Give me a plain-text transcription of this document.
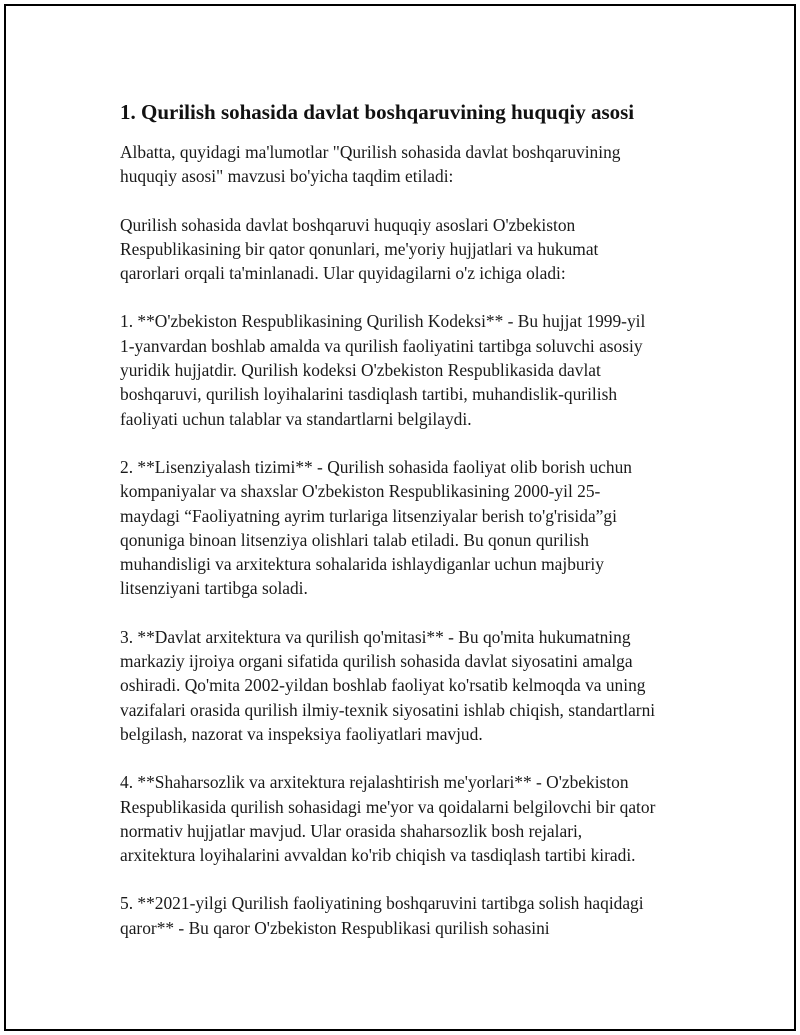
1. Qurilish sohasida davlat boshqaruvining huquqiy asosi

Albatta, quyidagi ma'lumotlar "Qurilish sohasida davlat boshqaruvining
huquqiy asosi" mavzusi bo'yicha taqdim etiladi:

Qurilish sohasida davlat boshqaruvi huquqiy asoslari O'zbekiston
Respublikasining bir qator qonunlari, me'yoriy hujjatlari va hukumat
qarorlari orqali ta'minlanadi. Ular quyidagilarni o'z ichiga oladi:

1. **O'zbekiston Respublikasining Qurilish Kodeksi** - Bu hujjat 1999-yil
1-yanvardan boshlab amalda va qurilish faoliyatini tartibga soluvchi asosiy
yuridik hujjatdir. Qurilish kodeksi O'zbekiston Respublikasida davlat
boshqaruvi, qurilish loyihalarini tasdiqlash tartibi, muhandislik-qurilish
faoliyati uchun talablar va standartlarni belgilaydi.

2. **Lisenziyalash tizimi** - Qurilish sohasida faoliyat olib borish uchun
kompaniyalar va shaxslar O'zbekiston Respublikasining 2000-yil 25-
maydagi “Faoliyatning ayrim turlariga litsenziyalar berish to'g'risida”gi
qonuniga binoan litsenziya olishlari talab etiladi. Bu qonun qurilish
muhandisligi va arxitektura sohalarida ishlaydiganlar uchun majburiy
litsenziyani tartibga soladi.

3. **Davlat arxitektura va qurilish qo'mitasi** - Bu qo'mita hukumatning
markaziy ijroiya organi sifatida qurilish sohasida davlat siyosatini amalga
oshiradi. Qo'mita 2002-yildan boshlab faoliyat ko'rsatib kelmoqda va uning
vazifalari orasida qurilish ilmiy-texnik siyosatini ishlab chiqish, standartlarni
belgilash, nazorat va inspeksiya faoliyatlari mavjud.

4. **Shaharsozlik va arxitektura rejalashtirish me'yorlari** - O'zbekiston
Respublikasida qurilish sohasidagi me'yor va qoidalarni belgilovchi bir qator
normativ hujjatlar mavjud. Ular orasida shaharsozlik bosh rejalari,
arxitektura loyihalarini avvaldan ko'rib chiqish va tasdiqlash tartibi kiradi.

5. **2021-yilgi Qurilish faoliyatining boshqaruvini tartibga solish haqidagi
qaror** - Bu qaror O'zbekiston Respublikasi qurilish sohasini
